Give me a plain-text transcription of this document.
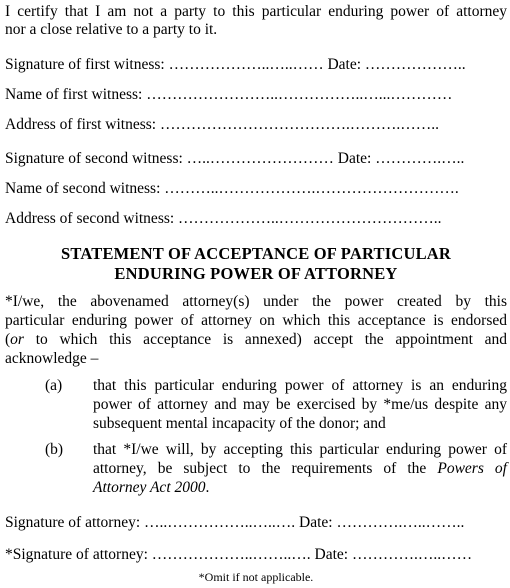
I certify that I am not a party to this particular enduring power of attorney
nor a close relative to a party to it.
Signature of first witness: ………………..…..…… Date: ………………..
Name of first witness: ……………………..……………..…...…………
Address of first witness: ……………………………….……….……..
Signature of second witness: …..…………………… Date: ………….…..
Name of second witness: ………..……………….……………………….
Address of second witness: ………………..…………………………..
STATEMENT OF ACCEPTANCE OF PARTICULAR
ENDURING POWER OF ATTORNEY
*I/we, the abovenamed attorney(s) under the power created by this
particular enduring power of attorney on which this acceptance is endorsed
(or to which this acceptance is annexed) accept the appointment and
acknowledge –
(a) that this particular enduring power of attorney is an enduring
power of attorney and may be exercised by *me/us despite any
subsequent mental incapacity of the donor; and
(b) that *I/we will, by accepting this particular enduring power of
attorney, be subject to the requirements of the Powers of
Attorney Act 2000.
Signature of attorney: …..……………..…..…. Date: ………….…..……..
*Signature of attorney: ………………..……..…. Date: ………….…..……
*Omit if not applicable.
